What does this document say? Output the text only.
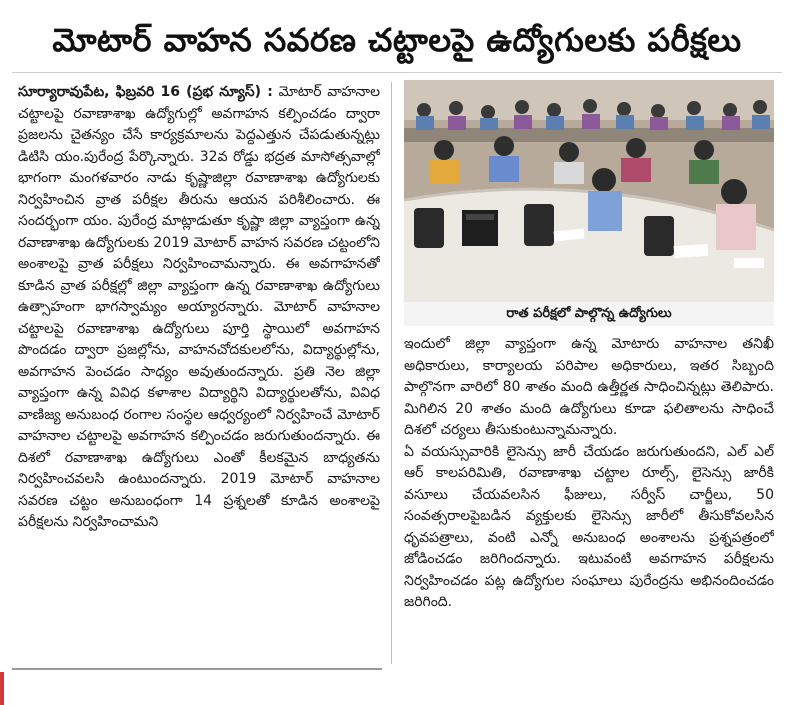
మోటార్ వాహన సవరణ చట్టాలపై ఉద్యోగులకు పరీక్షలు

సూర్యారావుపేట, ఫిబ్రవరి 16 (ప్రభ న్యూస్) : మోటార్ వాహనాల చట్టాలపై రవాణాశాఖ ఉద్యోగుల్లో అవగాహన కల్పించడం ద్వారా ప్రజలను చైతన్యం చేసే కార్యక్రమాలను పెద్దఎత్తున చేపడుతున్నట్లు డిటిసి యం.పురేంద్ర పేర్కొన్నారు. 32వ రోడ్డు భద్రత మాసోత్సవాల్లో భాగంగా మంగళవారం నాడు కృష్ణాజిల్లా రవాణాశాఖ ఉద్యోగులకు నిర్వహించిన వ్రాత పరీక్షల తీరును ఆయన పరిశీలించారు. ఈ సందర్భంగా యం. పురేంద్ర మాట్లాడుతూ కృష్ణా జిల్లా వ్యాప్తంగా ఉన్న రవాణాశాఖ ఉద్యోగులకు 2019 మోటార్ వాహన సవరణ చట్టంలోని అంశాలపై వ్రాత పరీక్షలు నిర్వహించామన్నారు. ఈ అవగాహనతో కూడిన వ్రాత పరీక్షల్లో జిల్లా వ్యాప్తంగా ఉన్న రవాణాశాఖ ఉద్యోగులు ఉత్సాహంగా భాగస్వామ్యం అయ్యారన్నారు. మోటార్ వాహనాల చట్టాలపై రవాణాశాఖ ఉద్యోగులు పూర్తి స్థాయిలో అవగాహన పొందడం ద్వారా ప్రజల్లోను, వాహనచోదకులలోను, విద్యార్థుల్లోను, అవగాహన పెంచడం సాధ్యం అవుతుందన్నారు. ప్రతి నెల జిల్లా వ్యాప్తంగా ఉన్న వివిధ కళాశాల విద్యార్థిని విద్యార్థులతోను, వివిధ వాణిజ్య అనుబంధ రంగాల సంస్థల ఆధ్వర్యంలో నిర్వహించే మోటార్ వాహనాల చట్టాలపై అవగాహన కల్పించడం జరుగుతుందన్నారు. ఈ దిశలో రవాణాశాఖ ఉద్యోగులు ఎంతో కీలకమైన బాధ్యతను నిర్వహించవలసి ఉంటుందన్నారు. 2019 మోటార్ వాహనాల సవరణ చట్టం అనుబంధంగా 14 ప్రశ్నలతో కూడిన అంశాలపై పరీక్షలను నిర్వహించామని

రాత పరీక్షలో పాల్గొన్న ఉద్యోగులు

ఇందులో జిల్లా వ్యాప్తంగా ఉన్న మోటారు వాహనాల తనిఖీ అధికారులు, కార్యాలయ పరిపాల అధికారులు, ఇతర సిబ్బంది పాల్గొనగా వారిలో 80 శాతం మంది ఉత్తీర్ణత సాధించిన్నట్లు తెలిపారు. మిగిలిన 20 శాతం మంది ఉద్యోగులు కూడా ఫలితాలను సాధించే దిశలో చర్యలు తీసుకుంటున్నామన్నారు.

ఏ వయస్సువారికి లైసెన్సు జారీ చేయడం జరుగుతుందని, ఎల్ ఎల్ ఆర్ కాలపరిమితి, రవాణాశాఖ చట్టాల రూల్స్, లైసెన్సు జారీకి వసూలు చేయవలసిన ఫీజులు, సర్వీస్ చార్జీలు, 50 సంవత్సరాలపైబడిన వ్యక్తులకు లైసెన్సు జారీలో తీసుకోవలసిన ధృవపత్రాలు, వంటి ఎన్నో అనుబంధ అంశాలను ప్రశ్నపత్రంలో జోడించడం జరిగిందన్నారు. ఇటువంటి అవగాహన పరీక్షలను నిర్వహించడం పట్ల ఉద్యోగుల సంఘాలు పురేంద్రను అభినందించడం జరిగింది.
